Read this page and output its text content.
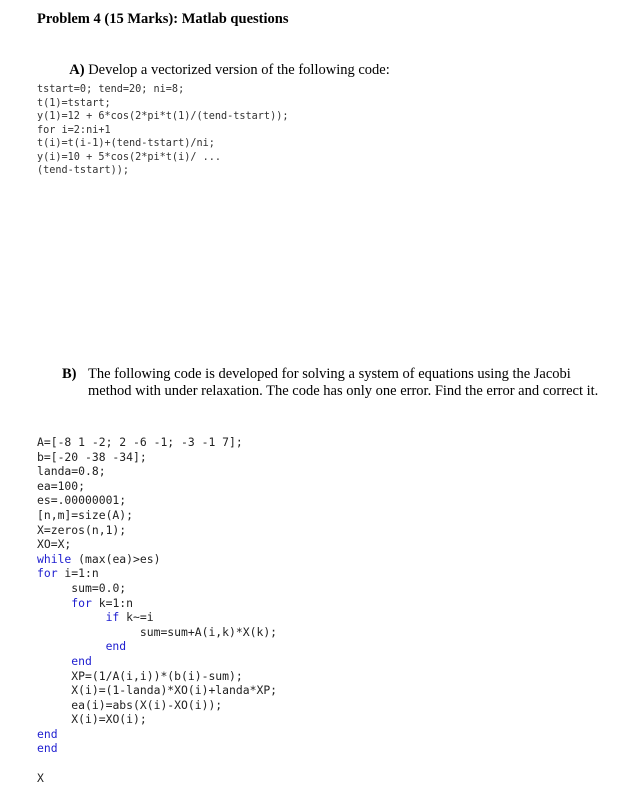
Problem 4 (15 Marks): Matlab questions

A) Develop a vectorized version of the following code:

tstart=0; tend=20; ni=8;
t(1)=tstart;
y(1)=12 + 6*cos(2*pi*t(1)/(tend-tstart));
for i=2:ni+1
t(i)=t(i-1)+(tend-tstart)/ni;
y(i)=10 + 5*cos(2*pi*t(i)/ ...
(tend-tstart));
B) The following code is developed for solving a system of equations using the Jacobi
method with under relaxation. The code has only one error. Find the error and correct it.
A=[-8 1 -2; 2 -6 -1; -3 -1 7];
b=[-20 -38 -34];
landa=0.8;
ea=100;
es=.00000001;
[n,m]=size(A);
X=zeros(n,1);
XO=X;
while (max(ea)>es)
for i=1:n
sum=0.0;
for k=1:n
if k~=i
sum=sum+A(i,k)*X(k);
end
end
XP=(1/A(i,i))*(b(i)-sum);
X(i)=(1-landa)*XO(i)+landa*XP;
ea(i)=abs(X(i)-XO(i));
X(i)=XO(i);
end
end

X
